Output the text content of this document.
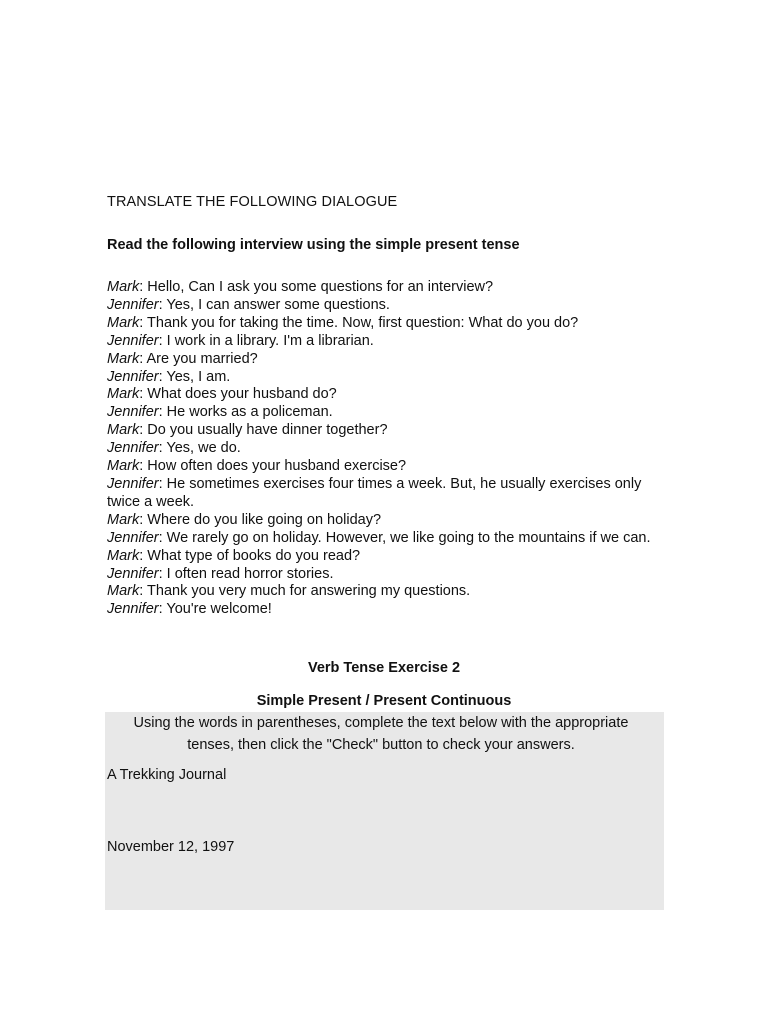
TRANSLATE THE FOLLOWING DIALOGUE
Read the following interview using the simple present tense
Mark: Hello, Can I ask you some questions for an interview?
Jennifer: Yes, I can answer some questions.
Mark: Thank you for taking the time. Now, first question: What do you do?
Jennifer: I work in a library. I'm a librarian.
Mark: Are you married?
Jennifer: Yes, I am.
Mark: What does your husband do?
Jennifer: He works as a policeman.
Mark: Do you usually have dinner together?
Jennifer: Yes, we do.
Mark: How often does your husband exercise?
Jennifer: He sometimes exercises four times a week. But, he usually exercises only twice a week.
Mark: Where do you like going on holiday?
Jennifer: We rarely go on holiday. However, we like going to the mountains if we can.
Mark: What type of books do you read?
Jennifer: I often read horror stories.
Mark: Thank you very much for answering my questions.
Jennifer: You're welcome!
Verb Tense Exercise 2
Simple Present / Present Continuous
Using the words in parentheses, complete the text below with the appropriate
tenses, then click the "Check" button to check your answers.
A Trekking Journal
November 12, 1997
